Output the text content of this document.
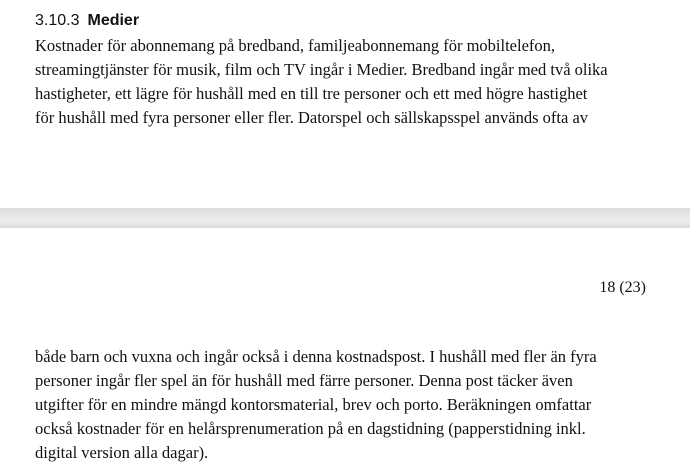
3.10.3 Medier

Kostnader för abonnemang på bredband, familjeabonnemang för mobiltelefon,
streamingtjänster för musik, film och TV ingår i Medier. Bredband ingår med två olika
hastigheter, ett lägre för hushåll med en till tre personer och ett med högre hastighet
för hushåll med fyra personer eller fler. Datorspel och sällskapsspel används ofta av

18 (23)

både barn och vuxna och ingår också i denna kostnadspost. I hushåll med fler än fyra
personer ingår fler spel än för hushåll med färre personer. Denna post täcker även
utgifter för en mindre mängd kontorsmaterial, brev och porto. Beräkningen omfattar
också kostnader för en helårsprenumeration på en dagstidning (papperstidning inkl.
digital version alla dagar).
